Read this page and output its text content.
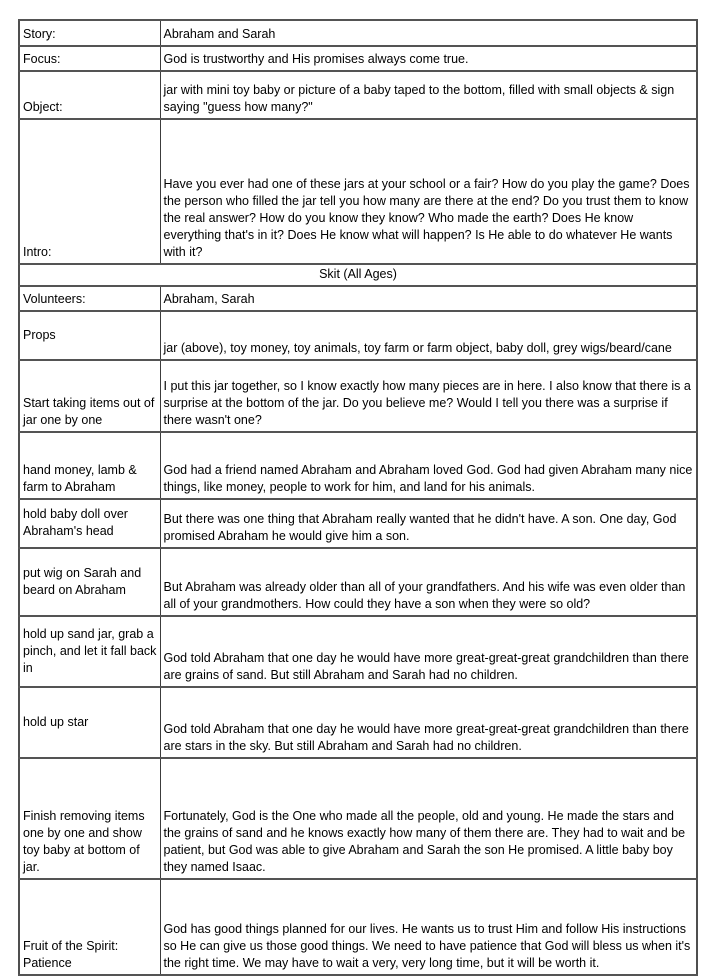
Story:	Abraham and Sarah
Focus:	God is trustworthy and His promises always come true.
Object:	jar with mini toy baby or picture of a baby taped to the bottom, filled with small objects & sign saying "guess how many?"
Intro:	Have you ever had one of these jars at your school or a fair? How do you play the game? Does the person who filled the jar tell you how many are there at the end? Do you trust them to know the real answer? How do you know they know? Who made the earth? Does He know everything that's in it? Does He know what will happen? Is He able to do whatever He wants with it?
Skit (All Ages)	
Volunteers:	Abraham, Sarah
Props	jar (above), toy money, toy animals, toy farm or farm object, baby doll, grey wigs/beard/cane
Start taking items out of jar one by one	I put this jar together, so I know exactly how many pieces are in here. I also know that there is a surprise at the bottom of the jar. Do you believe me? Would I tell you there was a surprise if there wasn't one?
hand money, lamb & farm to Abraham	God had a friend named Abraham and Abraham loved God. God had given Abraham many nice things, like money, people to work for him, and land for his animals.
hold baby doll over Abraham's head	But there was one thing that Abraham really wanted that he didn't have. A son. One day, God promised Abraham he would give him a son.
put wig on Sarah and beard on Abraham	But Abraham was already older than all of your grandfathers. And his wife was even older than all of your grandmothers. How could they have a son when they were so old?
hold up sand jar, grab a pinch, and let it fall back in	God told Abraham that one day he would have more great-great-great grandchildren than there are grains of sand. But still Abraham and Sarah had no children.
hold up star	God told Abraham that one day he would have more great-great-great grandchildren than there are stars in the sky. But still Abraham and Sarah had no children.
Finish removing items one by one and show toy baby at bottom of jar.	Fortunately, God is the One who made all the people, old and young. He made the stars and the grains of sand and he knows exactly how many of them there are. They had to wait and be patient, but God was able to give Abraham and Sarah the son He promised. A little baby boy they named Isaac.
Fruit of the Spirit: Patience	God has good things planned for our lives. He wants us to trust Him and follow His instructions so He can give us those good things. We need to have patience that God will bless us when it's the right time. We may have to wait a very, very long time, but it will be worth it.
